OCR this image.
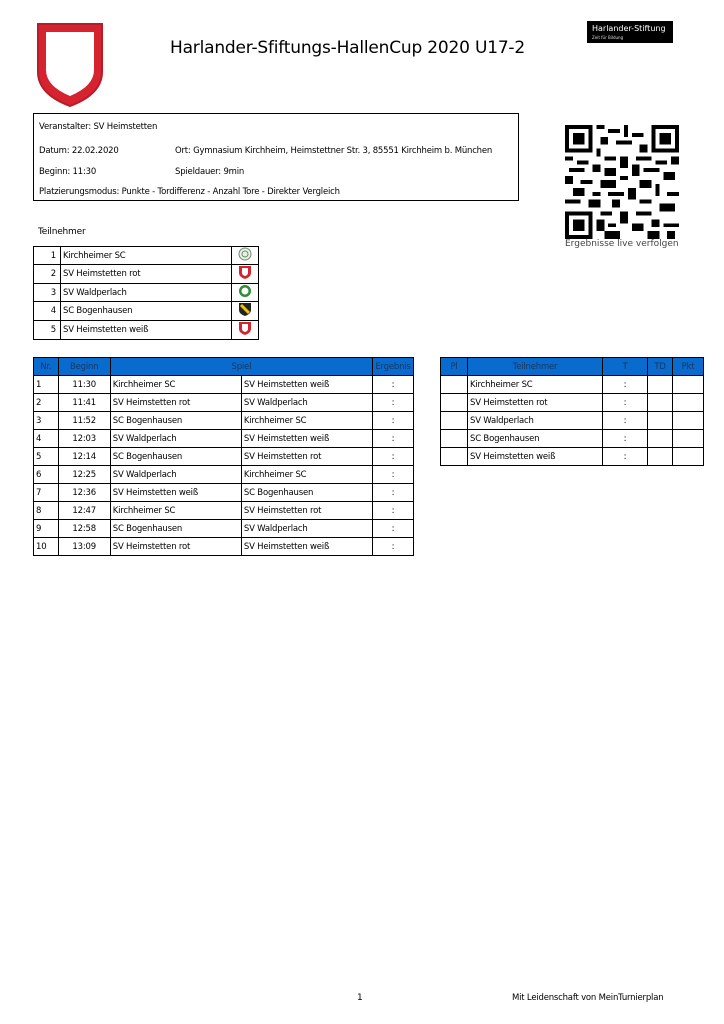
Harlander-Sfiftungs-HallenCup 2020 U17-2
Harlander-Stiftung
Zeit für Bildung
Veranstalter: SV Heimstetten
Datum: 22.02.2020	Ort: Gymnasium Kirchheim, Heimstettner Str. 3, 85551 Kirchheim b. München
Beginn: 11:30	Spieldauer: 9min
Platzierungsmodus: Punkte - Tordifferenz - Anzahl Tore - Direkter Vergleich
Ergebnisse live verfolgen
Teilnehmer
1	Kirchheimer SC	
2	SV Heimstetten rot	
3	SV Waldperlach	
4	SC Bogenhausen	
5	SV Heimstetten weiß	
Nr.	Beginn	Spiel		Ergebnis
1	11:30	Kirchheimer SC	SV Heimstetten weiß	:
2	11:41	SV Heimstetten rot	SV Waldperlach	:
3	11:52	SC Bogenhausen	Kirchheimer SC	:
4	12:03	SV Waldperlach	SV Heimstetten weiß	:
5	12:14	SC Bogenhausen	SV Heimstetten rot	:
6	12:25	SV Waldperlach	Kirchheimer SC	:
7	12:36	SV Heimstetten weiß	SC Bogenhausen	:
8	12:47	Kirchheimer SC	SV Heimstetten rot	:
9	12:58	SC Bogenhausen	SV Waldperlach	:
10	13:09	SV Heimstetten rot	SV Heimstetten weiß	:
Pl	Teilnehmer	T	TD	Pkt
	Kirchheimer SC	:		
	SV Heimstetten rot	:		
	SV Waldperlach	:		
	SC Bogenhausen	:		
	SV Heimstetten weiß	:		
1	Mit Leidenschaft von MeinTurnierplan
